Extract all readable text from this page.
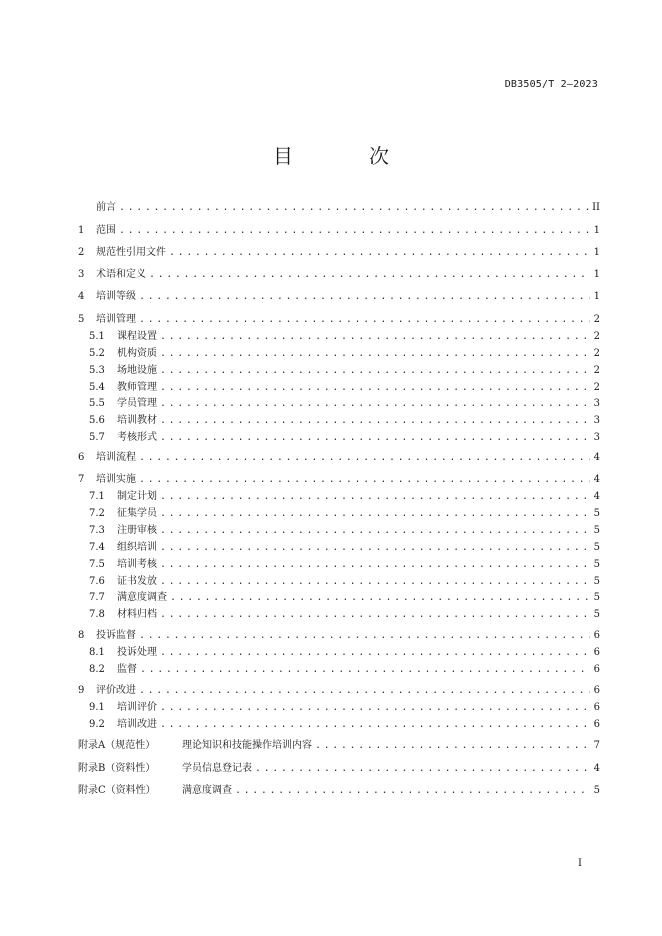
DB3505/T 2—2023
目　次
前言 .....	II
1	范围 .....	1
2	规范性引用文件 .....	1
3	术语和定义 .....	1
4	培训等级 .....	1
5	培训管理 .....	2
5.1	课程设置 .....	2
5.2	机构资质 .....	2
5.3	场地设施 .....	2
5.4	教师管理 .....	2
5.5	学员管理 .....	3
5.6	培训教材 .....	3
5.7	考核形式 .....	3
6	培训流程 .....	4
7	培训实施 .....	4
7.1	制定计划 .....	4
7.2	征集学员 .....	5
7.3	注册审核 .....	5
7.4	组织培训 .....	5
7.5	培训考核 .....	5
7.6	证书发放 .....	5
7.7	满意度调查 .....	5
7.8	材料归档 .....	5
8	投诉监督 .....	6
8.1	投诉处理 .....	6
8.2	监督 .....	6
9	评价改进 .....	6
9.1	培训评价 .....	6
9.2	培训改进 .....	6
附录A（规范性）	理论知识和技能操作培训内容 .....	7
附录B（资料性）	学员信息登记表 .....	4
附录C（资料性）	满意度调查 .....	5
I
